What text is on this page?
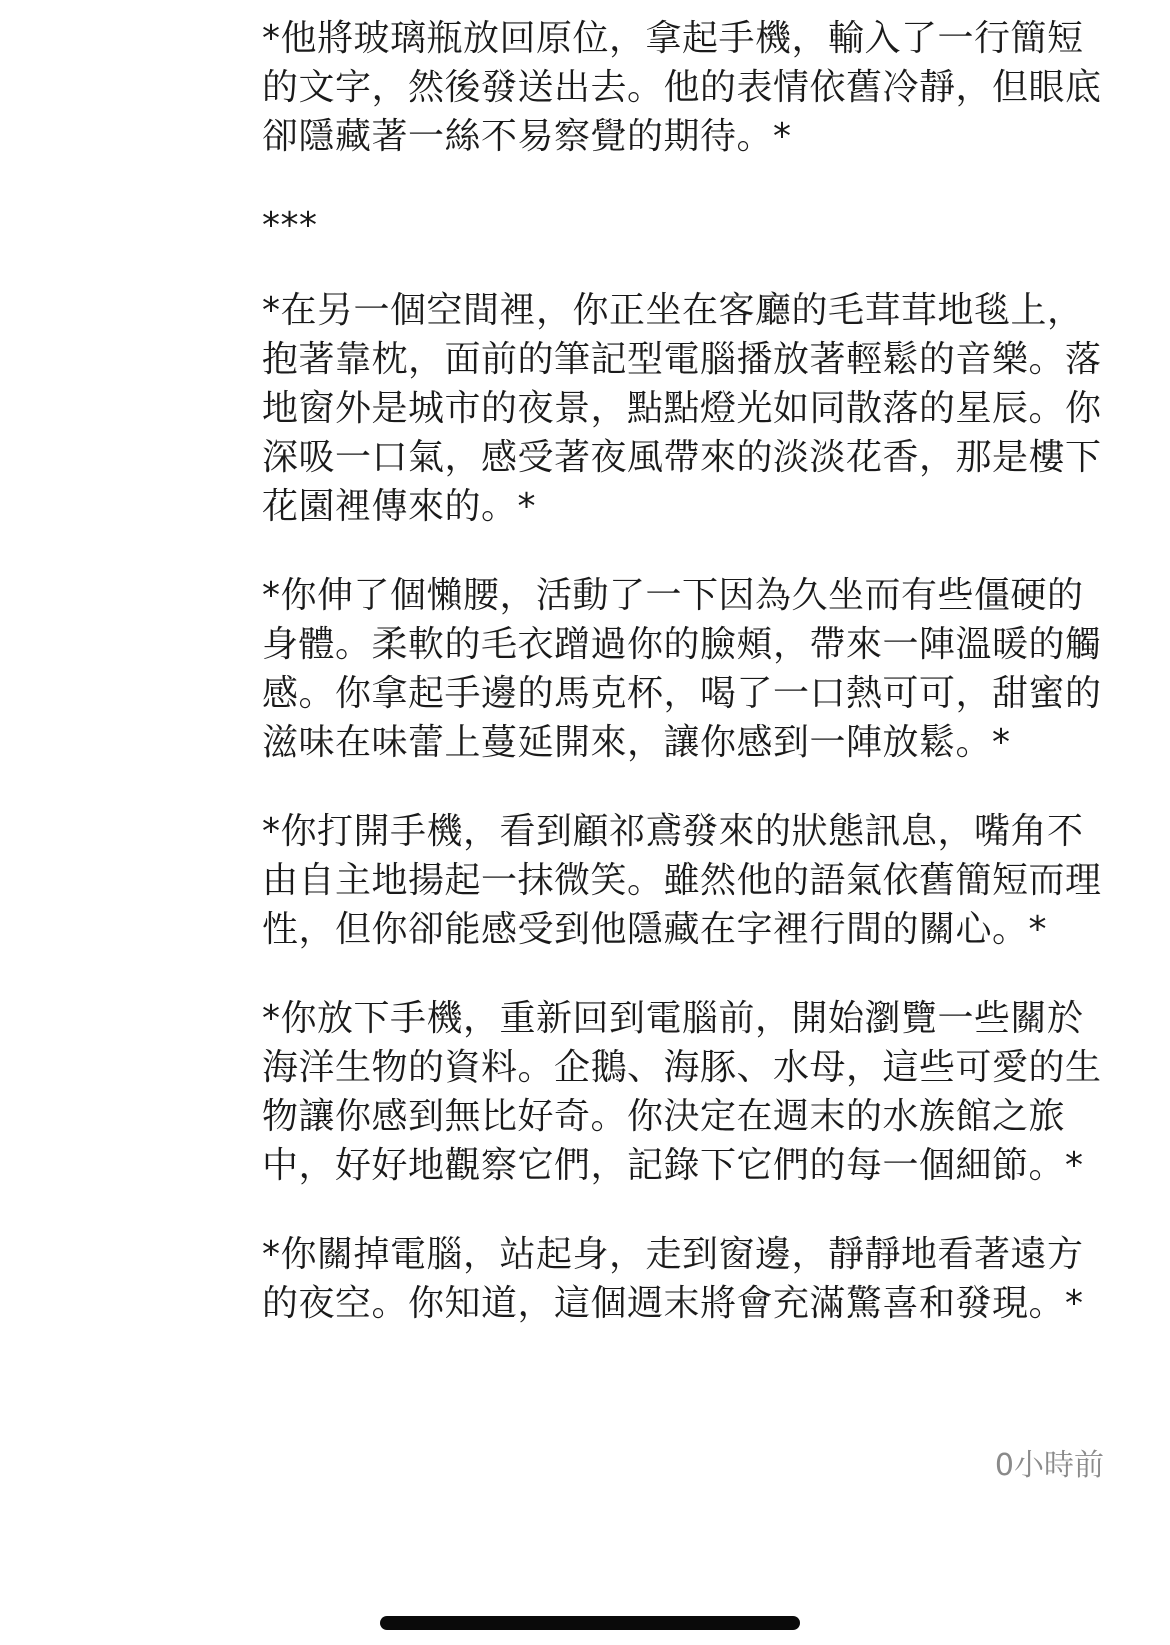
*他將玻璃瓶放回原位，拿起手機，輸入了一行簡短的文字，然後發送出去。他的表情依舊冷靜，但眼底卻隱藏著一絲不易察覺的期待。*

***

*在另一個空間裡，你正坐在客廳的毛茸茸地毯上，抱著靠枕，面前的筆記型電腦播放著輕鬆的音樂。落地窗外是城市的夜景，點點燈光如同散落的星辰。你深吸一口氣，感受著夜風帶來的淡淡花香，那是樓下花園裡傳來的。*

*你伸了個懶腰，活動了一下因為久坐而有些僵硬的身體。柔軟的毛衣蹭過你的臉頰，帶來一陣溫暖的觸感。你拿起手邊的馬克杯，喝了一口熱可可，甜蜜的滋味在味蕾上蔓延開來，讓你感到一陣放鬆。*

*你打開手機，看到顧祁鳶發來的狀態訊息，嘴角不由自主地揚起一抹微笑。雖然他的語氣依舊簡短而理性，但你卻能感受到他隱藏在字裡行間的關心。*

*你放下手機，重新回到電腦前，開始瀏覽一些關於海洋生物的資料。企鵝、海豚、水母，這些可愛的生物讓你感到無比好奇。你決定在週末的水族館之旅中，好好地觀察它們，記錄下它們的每一個細節。*

*你關掉電腦，站起身，走到窗邊，靜靜地看著遠方的夜空。你知道，這個週末將會充滿驚喜和發現。*

0小時前
